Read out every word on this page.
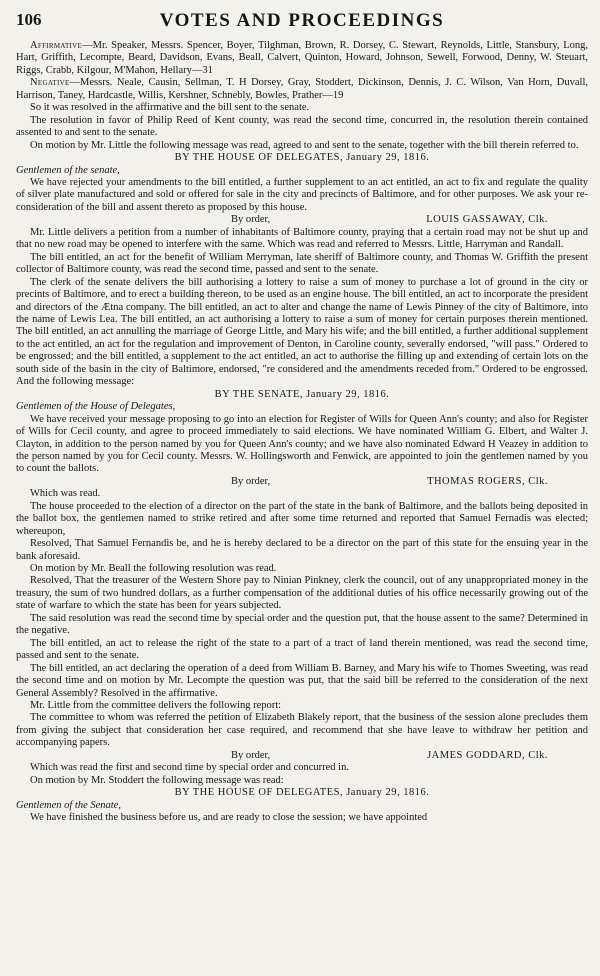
106	VOTES AND PROCEEDINGS

Affirmative—Mr. Speaker, Messrs. Spencer, Boyer, Tilghman, Brown, R. Dorsey, C. Stewart, Reynolds, Little, Stansbury, Long, Hart, Griffith, Lecompte, Beard, Davidson, Evans, Beall, Calvert, Quinton, Howard, Johnson, Sewell, Forwood, Denny, W. Steuart, Riggs, Crabb, Kilgour, M'Mahon, Hellary—31

Negative—Messrs. Neale, Causin, Sellman, T. H Dorsey, Gray, Stoddert, Dickinson, Dennis, J. C. Wilson, Van Horn, Duvall, Harrison, Taney, Hardcastle, Willis, Kershner, Schnebly, Bowles, Prather—19

So it was resolved in the affirmative and the bill sent to the senate.

The resolution in favor of Philip Reed of Kent county, was read the second time, concurred in, the resolution therein contained assented to and sent to the senate.

On motion by Mr. Little the following message was read, agreed to and sent to the senate, together with the bill therein referred to.

BY THE HOUSE OF DELEGATES, January 29, 1816.

Gentlemen of the senate,

We have rejected your amendments to the bill entitled, a further supplement to an act entitled, an act to fix and regulate the quality of silver plate manufactured and sold or offered for sale in the city and precincts of Baltimore, and for other purposes. We ask your re-consideration of the bill and assent thereto as proposed by this house.

By order,	LOUIS GASSAWAY, Clk.

Mr. Little delivers a petition from a number of inhabitants of Baltimore county, praying that a certain road may not be shut up and that no new road may be opened to interfere with the same. Which was read and referred to Messrs. Little, Harryman and Randall.

The bill entitled, an act for the benefit of William Merryman, late sheriff of Baltimore county, and Thomas W. Griffith the present collector of Baltimore county, was read the second time, passed and sent to the senate.

The clerk of the senate delivers the bill authorising a lottery to raise a sum of money to purchase a lot of ground in the city or precints of Baltimore, and to erect a building thereon, to be used as an engine house. The bill entitled, an act to incorporate the president and directors of the Ætna company. The bill entitled, an act to alter and change the name of Lewis Pinney of the city of Baltimore, into the name of Lewis Lea. The bill entitled, an act authorising a lottery to raise a sum of money for certain purposes therein mentioned. The bill entitled, an act annulling the marriage of George Little, and Mary his wife; and the bill entitled, a further additional supplement to the act entitled, an act for the regulation and improvement of Denton, in Caroline county, severally endorsed, "will pass." Ordered to be engrossed; and the bill entitled, a supplement to the act entitled, an act to authorise the filling up and extending of certain lots on the south side of the basin in the city of Baltimore, endorsed, "re considered and the amendments receded from." Ordered to be engrossed. And the following message:

BY THE SENATE, January 29, 1816.

Gentlemen of the House of Delegates,

We have received your message proposing to go into an election for Register of Wills for Queen Ann's county; and also for Register of Wills for Cecil county, and agree to proceed immediately to said elections. We have nominated William G. Elbert, and Walter J. Clayton, in addition to the person named by you for Queen Ann's county; and we have also nominated Edward H Veazey in addition to the person named by you for Cecil county. Messrs. W. Hollingsworth and Fenwick, are appointed to join the gentlemen named by you to count the ballots.

By order,	THOMAS ROGERS, Clk.

Which was read.

The house proceeded to the election of a director on the part of the state in the bank of Baltimore, and the ballots being deposited in the ballot box, the gentlemen named to strike retired and after some time returned and reported that Samuel Fernadis was elected; whereupon,

Resolved, That Samuel Fernandis be, and he is hereby declared to be a director on the part of this state for the ensuing year in the bank aforesaid.

On motion by Mr. Beall the following resolution was read.

Resolved, That the treasurer of the Western Shore pay to Ninian Pinkney, clerk the council, out of any unappropriated money in the treasury, the sum of two hundred dollars, as a further compensation of the additional duties of his office necessarily growing out of the state of warfare to which the state has been for years subjected.

The said resolution was read the second time by special order and the question put, that the house assent to the same? Determined in the negative.

The bill entitled, an act to release the right of the state to a part of a tract of land therein mentioned, was read the second time, passed and sent to the senate.

The bill entitled, an act declaring the operation of a deed from William B. Barney, and Mary his wife to Thomes Sweeting, was read the second time and on motion by Mr. Lecompte the question was put, that the said bill be referred to the consideration of the next General Assembly? Resolved in the affirmative.

Mr. Little from the committee delivers the following report:

The committee to whom was referred the petition of Elizabeth Blakely report, that the business of the session alone precludes them from giving the subject that consideration her case required, and recommend that she have leave to withdraw her petition and accompanying papers.

By order,	JAMES GODDARD, Clk.

Which was read the first and second time by special order and concurred in.

On motion by Mr. Stoddert the following message was read:

BY THE HOUSE OF DELEGATES, January 29, 1816.

Gentlemen of the Senate,

We have finished the business before us, and are ready to close the session; we have appointed
